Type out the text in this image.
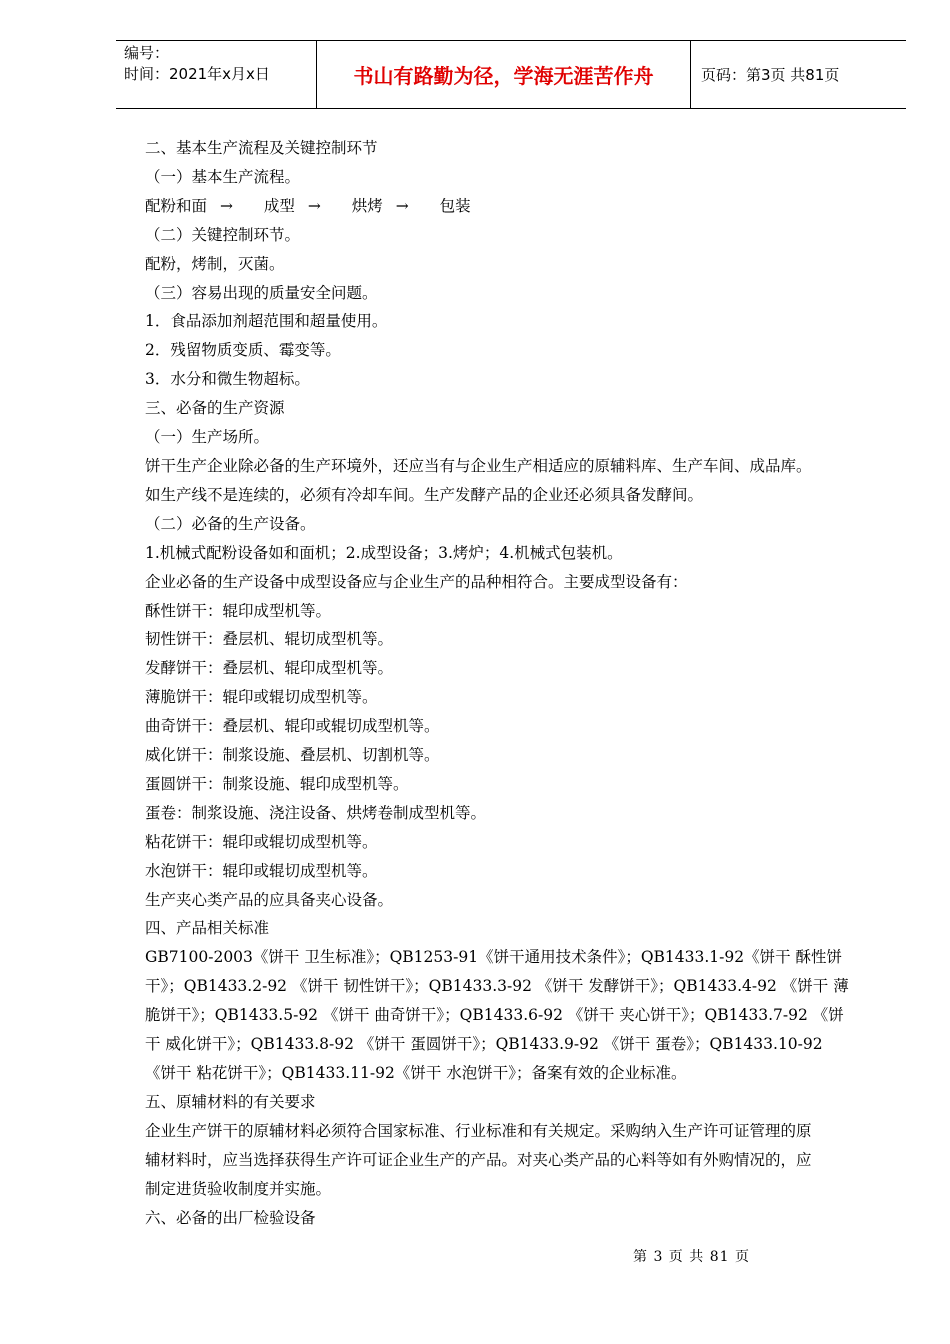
编号：
时间：2021年x月x日	书山有路勤为径，学海无涯苦作舟	页码：第3页 共81页

二、基本生产流程及关键控制环节

（一）基本生产流程。

配粉和面 → 成型 → 烘烤 → 包装

（二）关键控制环节。

配粉，烤制，灭菌。

（三）容易出现的质量安全问题。

1．食品添加剂超范围和超量使用。

2．残留物质变质、霉变等。

3．水分和微生物超标。

三、必备的生产资源

（一）生产场所。

饼干生产企业除必备的生产环境外，还应当有与企业生产相适应的原辅料库、生产车间、成品库。

如生产线不是连续的，必须有冷却车间。生产发酵产品的企业还必须具备发酵间。

（二）必备的生产设备。

1.机械式配粉设备如和面机；2.成型设备；3.烤炉；4.机械式包装机。

企业必备的生产设备中成型设备应与企业生产的品种相符合。主要成型设备有：

酥性饼干：辊印成型机等。

韧性饼干：叠层机、辊切成型机等。

发酵饼干：叠层机、辊印成型机等。

薄脆饼干：辊印或辊切成型机等。

曲奇饼干：叠层机、辊印或辊切成型机等。

威化饼干：制浆设施、叠层机、切割机等。

蛋圆饼干：制浆设施、辊印成型机等。

蛋卷：制浆设施、浇注设备、烘烤卷制成型机等。

粘花饼干：辊印或辊切成型机等。

水泡饼干：辊印或辊切成型机等。

生产夹心类产品的应具备夹心设备。

四、产品相关标准

GB7100-2003《饼干 卫生标准》；QB1253-91《饼干通用技术条件》；QB1433.1-92《饼干 酥性饼

干》；QB1433.2-92 《饼干 韧性饼干》；QB1433.3-92 《饼干 发酵饼干》；QB1433.4-92 《饼干 薄

脆饼干》；QB1433.5-92 《饼干 曲奇饼干》；QB1433.6-92 《饼干 夹心饼干》；QB1433.7-92 《饼

干 威化饼干》；QB1433.8-92 《饼干 蛋圆饼干》；QB1433.9-92 《饼干 蛋卷》；QB1433.10-92

《饼干 粘花饼干》；QB1433.11-92《饼干 水泡饼干》；备案有效的企业标准。

五、原辅材料的有关要求

企业生产饼干的原辅材料必须符合国家标准、行业标准和有关规定。采购纳入生产许可证管理的原

辅材料时，应当选择获得生产许可证企业生产的产品。对夹心类产品的心料等如有外购情况的，应

制定进货验收制度并实施。

六、必备的出厂检验设备

第 3 页 共 81 页
